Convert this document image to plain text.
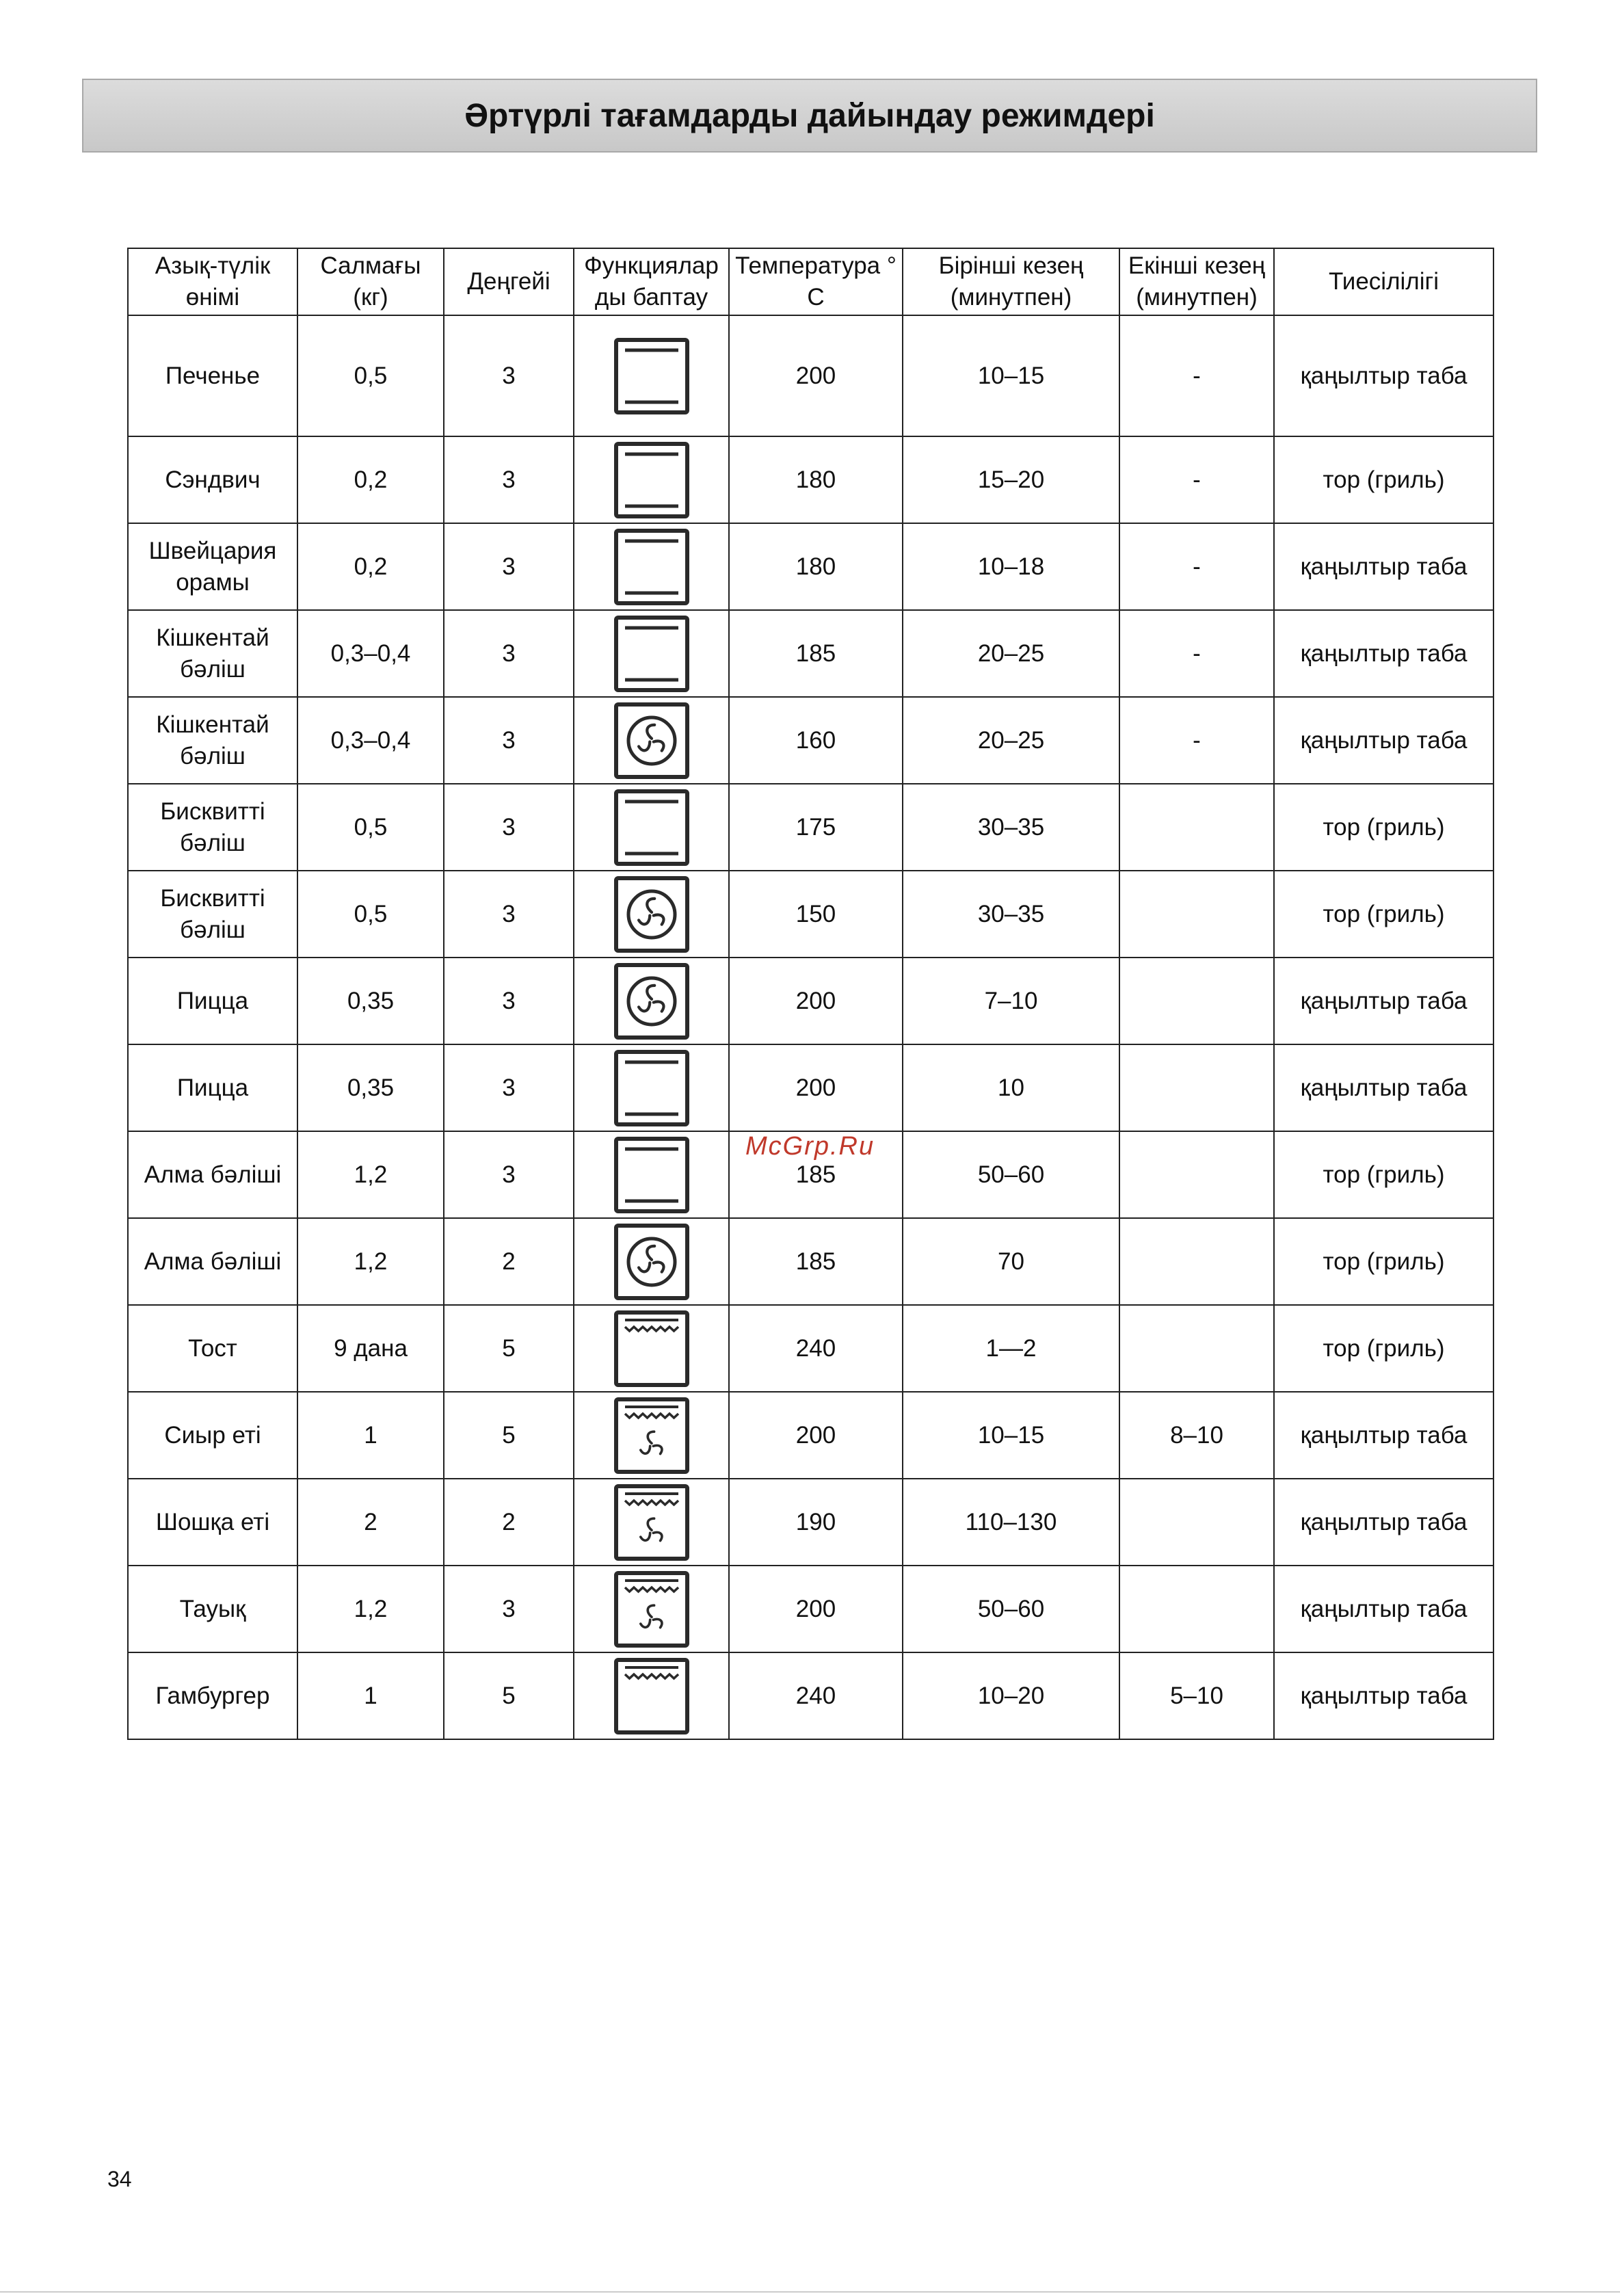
Әртүрлі тағамдарды дайындау режимдері
Азық-түлік өнімі	Салмағы (кг)	Деңгейі	Функциялар ды баптау	Температура ° C	Бірінші кезең (минутпен)	Екінші кезең (минутпен)	Тиесілілігі
Печенье	0,5	3		200	10–15	-	қаңылтыр таба
Сэндвич	0,2	3		180	15–20	-	тор (гриль)
Швейцария орамы	0,2	3		180	10–18	-	қаңылтыр таба
Кішкентай бәліш	0,3–0,4	3		185	20–25	-	қаңылтыр таба
Кішкентай бәліш	0,3–0,4	3		160	20–25	-	қаңылтыр таба
Бисквитті бәліш	0,5	3		175	30–35		тор (гриль)
Бисквитті бәліш	0,5	3		150	30–35		тор (гриль)
Пицца	0,35	3		200	7–10		қаңылтыр таба
Пицца	0,35	3		200	10		қаңылтыр таба
Алма бәліші	1,2	3		185	50–60		тор (гриль)
Алма бәліші	1,2	2		185	70		тор (гриль)
Тост	9 дана	5		240	1—2		тор (гриль)
Сиыр еті	1	5		200	10–15	8–10	қаңылтыр таба
Шошқа еті	2	2		190	110–130		қаңылтыр таба
Тауық	1,2	3		200	50–60		қаңылтыр таба
Гамбургер	1	5		240	10–20	5–10	қаңылтыр таба
McGrp.Ru
34
